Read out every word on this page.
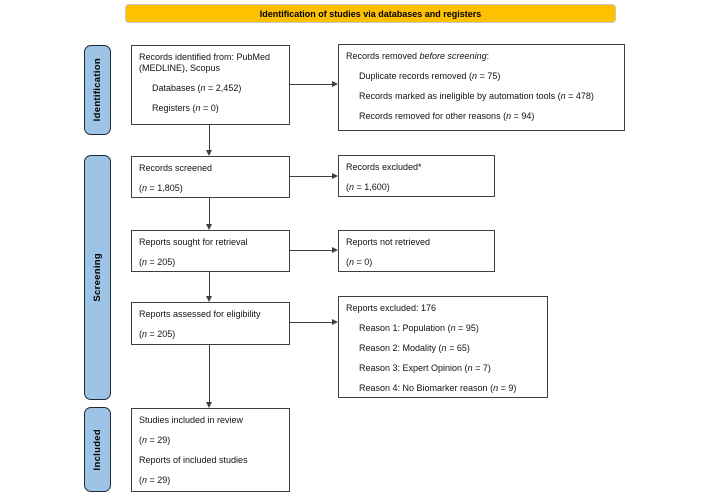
Identification of studies via databases and registers
Identification
Screening
Included
Records identified from: PubMed (MEDLINE), Scopus
Databases (n = 2,452)
Registers (n = 0)
Records screened
(n = 1,805)
Reports sought for retrieval
(n = 205)
Reports assessed for eligibility
(n = 205)
Studies included in review
(n = 29)
Reports of included studies
(n = 29)
Records removed before screening:
Duplicate records removed (n = 75)
Records marked as ineligible by automation tools (n = 478)
Records removed for other reasons (n = 94)
Records excluded*
(n = 1,600)
Reports not retrieved
(n = 0)
Reports excluded: 176
Reason 1: Population (n = 95)
Reason 2: Modality (n = 65)
Reason 3: Expert Opinion (n = 7)
Reason 4: No Biomarker reason (n = 9)
